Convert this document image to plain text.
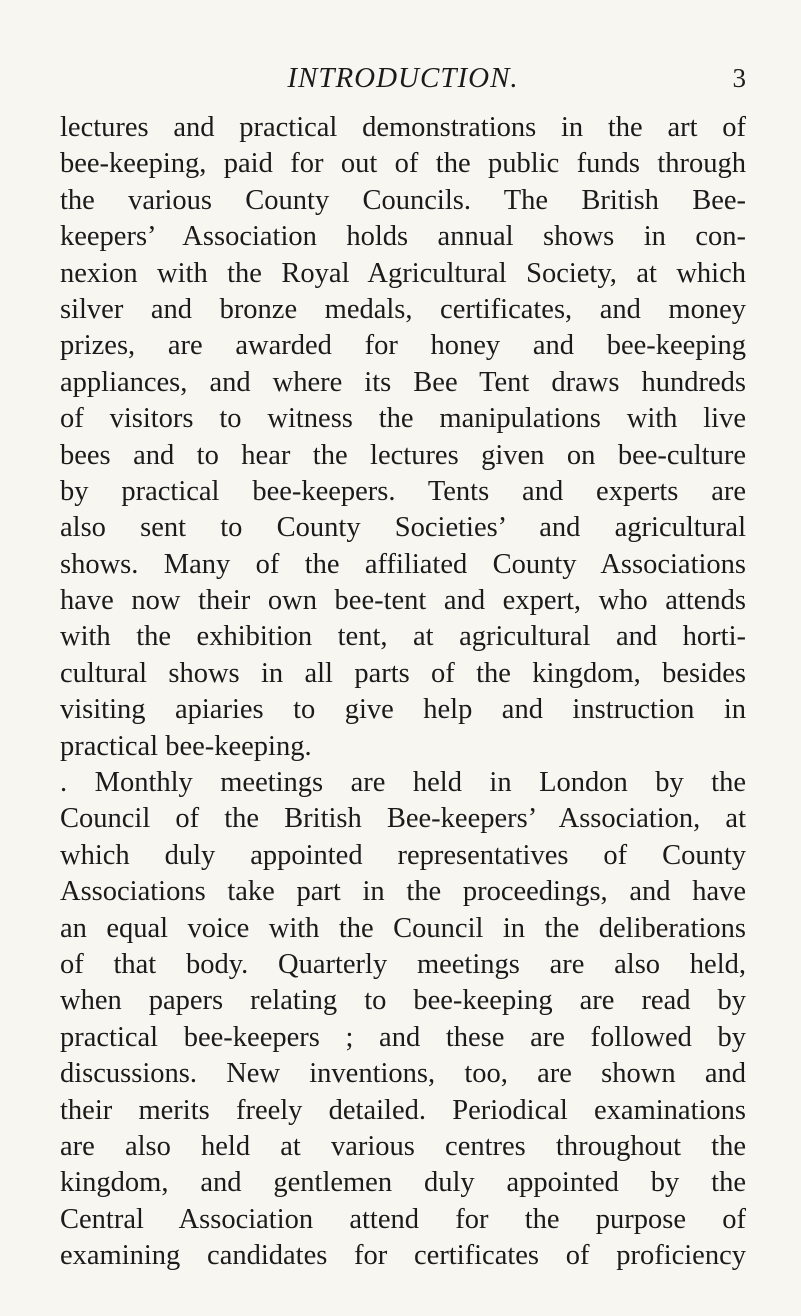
INTRODUCTION.	3
lectures and practical demonstrations in the art of
bee-keeping, paid for out of the public funds through
the various County Councils. The British Bee-
keepers’ Association holds annual shows in con-
nexion with the Royal Agricultural Society, at which
silver and bronze medals, certificates, and money
prizes, are awarded for honey and bee-keeping
appliances, and where its Bee Tent draws hundreds
of visitors to witness the manipulations with live
bees and to hear the lectures given on bee-culture
by practical bee-keepers. Tents and experts are
also sent to County Societies’ and agricultural
shows. Many of the affiliated County Associations
have now their own bee-tent and expert, who attends
with the exhibition tent, at agricultural and horti-
cultural shows in all parts of the kingdom, besides
visiting apiaries to give help and instruction in
practical bee-keeping.
. Monthly meetings are held in London by the
Council of the British Bee-keepers’ Association, at
which duly appointed representatives of County
Associations take part in the proceedings, and have
an equal voice with the Council in the deliberations
of that body. Quarterly meetings are also held,
when papers relating to bee-keeping are read by
practical bee-keepers ; and these are followed by
discussions. New inventions, too, are shown and
their merits freely detailed. Periodical examinations
are also held at various centres throughout the
kingdom, and gentlemen duly appointed by the
Central Association attend for the purpose of
examining candidates for certificates of proficiency
